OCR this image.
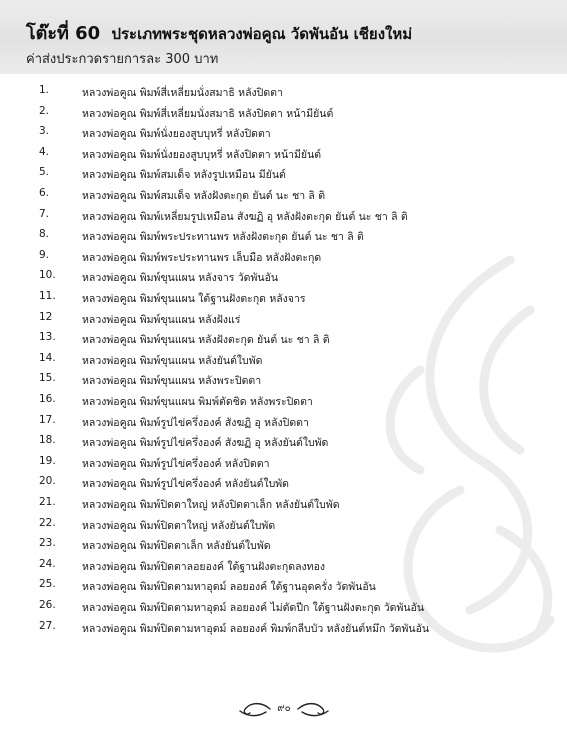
โต๊ะที่ 60 ประเภทพระชุดหลวงพ่อคูณ วัดพันอัน เชียงใหม่
ค่าส่งประกวดรายการละ 300 บาท
1.	หลวงพ่อคูณ พิมพ์สี่เหลี่ยมนั่งสมาธิ หลังปิดตา
2.	หลวงพ่อคูณ พิมพ์สี่เหลี่ยมนั่งสมาธิ หลังปิดตา หน้ามียันต์
3.	หลวงพ่อคูณ พิมพ์นั่งยองสูบบุหรี่ หลังปิดตา
4.	หลวงพ่อคูณ พิมพ์นั่งยองสูบบุหรี่ หลังปิดตา หน้ามียันต์
5.	หลวงพ่อคูณ พิมพ์สมเด็จ หลังรูปเหมือน มียันต์
6.	หลวงพ่อคูณ พิมพ์สมเด็จ หลังฝังตะกุด ยันต์ นะ ชา ลิ ติ
7.	หลวงพ่อคูณ พิมพ์เหลี่ยมรูปเหมือน สังฆฏิ อุ หลังฝังตะกุด ยันต์ นะ ชา ลิ ติ
8.	หลวงพ่อคูณ พิมพ์พระประทานพร หลังฝังตะกุด ยันต์ นะ ชา ลิ ติ
9.	หลวงพ่อคูณ พิมพ์พระประทานพร เล็บมือ หลังฝังตะกุด
10.	หลวงพ่อคูณ พิมพ์ขุนแผน หลังจาร วัดพันอัน
11.	หลวงพ่อคูณ พิมพ์ขุนแผน ใต้ฐานฝังตะกุด หลังจาร
12	หลวงพ่อคูณ พิมพ์ขุนแผน หลังฝังแร่
13.	หลวงพ่อคูณ พิมพ์ขุนแผน หลังฝังตะกุด ยันต์ นะ ชา ลิ ติ
14.	หลวงพ่อคูณ พิมพ์ขุนแผน หลังยันต์ใบพัด
15.	หลวงพ่อคูณ พิมพ์ขุนแผน หลังพระปิดตา
16.	หลวงพ่อคูณ พิมพ์ขุนแผน พิมพ์ตัดชิด หลังพระปิดตา
17.	หลวงพ่อคูณ พิมพ์รูปไข่ครึ่งองค์ สังฆฏิ อุ หลังปิดตา
18.	หลวงพ่อคูณ พิมพ์รูปไข่ครึ่งองค์ สังฆฏิ อุ หลังยันต์ใบพัด
19.	หลวงพ่อคูณ พิมพ์รูปไข่ครึ่งองค์ หลังปิดตา
20.	หลวงพ่อคูณ พิมพ์รูปไข่ครึ่งองค์ หลังยันต์ใบพัด
21.	หลวงพ่อคูณ พิมพ์ปิดตาใหญ่ หลังปิดตาเล็ก หลังยันต์ใบพัด
22.	หลวงพ่อคูณ พิมพ์ปิดตาใหญ่ หลังยันต์ใบพัด
23.	หลวงพ่อคูณ พิมพ์ปิดตาเล็ก หลังยันต์ใบพัด
24.	หลวงพ่อคูณ พิมพ์ปิดตาลอยองค์ ใต้ฐานฝังตะกุดลงทอง
25.	หลวงพ่อคูณ พิมพ์ปิดตามหาอุดม์ ลอยองค์ ใต้ฐานอุดครั่ง วัดพันอัน
26.	หลวงพ่อคูณ พิมพ์ปิดตามหาอุดม์ ลอยองค์ ไม่ตัดปีก ใต้ฐานฝังตะกุด วัดพันอัน
27.	หลวงพ่อคูณ พิมพ์ปิดตามหาอุดม์ ลอยองค์ พิมพ์กลีบบัว หลังยันต์หมึก วัดพันอัน
๙๐
